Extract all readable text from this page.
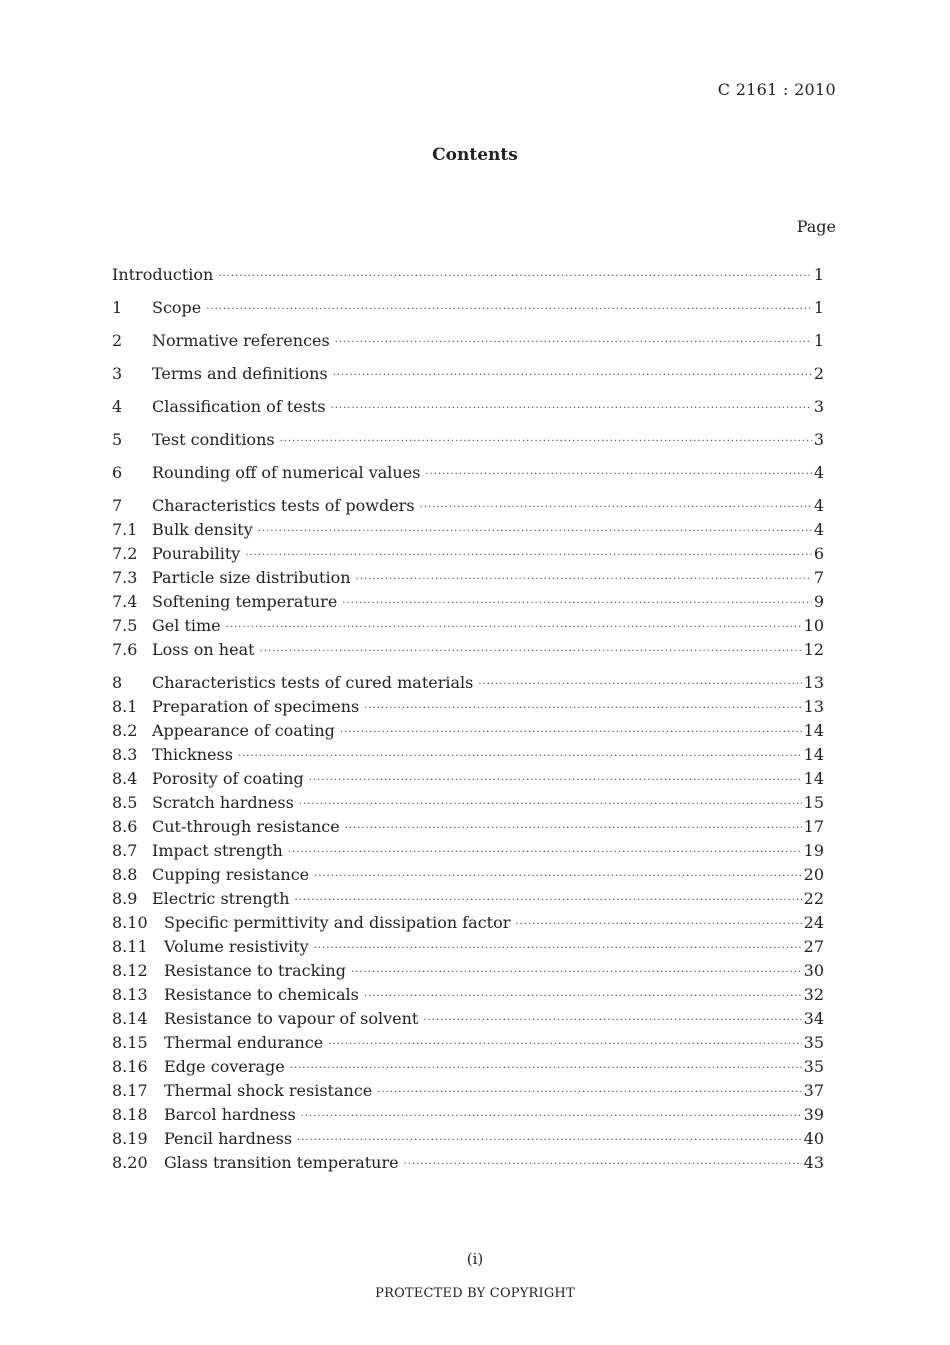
C 2161 : 2010
Contents
Page
Introduction ·····	1
1	Scope ·····	1
2	Normative references ·····	1
3	Terms and definitions ·····	2
4	Classification of tests ·····	3
5	Test conditions ·····	3
6	Rounding off of numerical values ·····	4
7	Characteristics tests of powders ·····	4
7.1 Bulk density ·····	4
7.2 Pourability ·····	6
7.3 Particle size distribution ·····	7
7.4 Softening temperature ·····	9
7.5 Gel time ·····	10
7.6 Loss on heat ·····	12
8	Characteristics tests of cured materials ·····	13
8.1 Preparation of specimens ·····	13
8.2 Appearance of coating ·····	14
8.3 Thickness ·····	14
8.4 Porosity of coating ·····	14
8.5 Scratch hardness ·····	15
8.6 Cut-through resistance ·····	17
8.7 Impact strength ·····	19
8.8 Cupping resistance ·····	20
8.9 Electric strength ·····	22
8.10	Specific permittivity and dissipation factor ·····	24
8.11	Volume resistivity ·····	27
8.12	Resistance to tracking ·····	30
8.13	Resistance to chemicals ·····	32
8.14	Resistance to vapour of solvent ·····	34
8.15	Thermal endurance ·····	35
8.16	Edge coverage ·····	35
8.17	Thermal shock resistance ·····	37
8.18	Barcol hardness ·····	39
8.19	Pencil hardness ·····	40
8.20	Glass transition temperature ·····	43
(i)
PROTECTED BY COPYRIGHT
